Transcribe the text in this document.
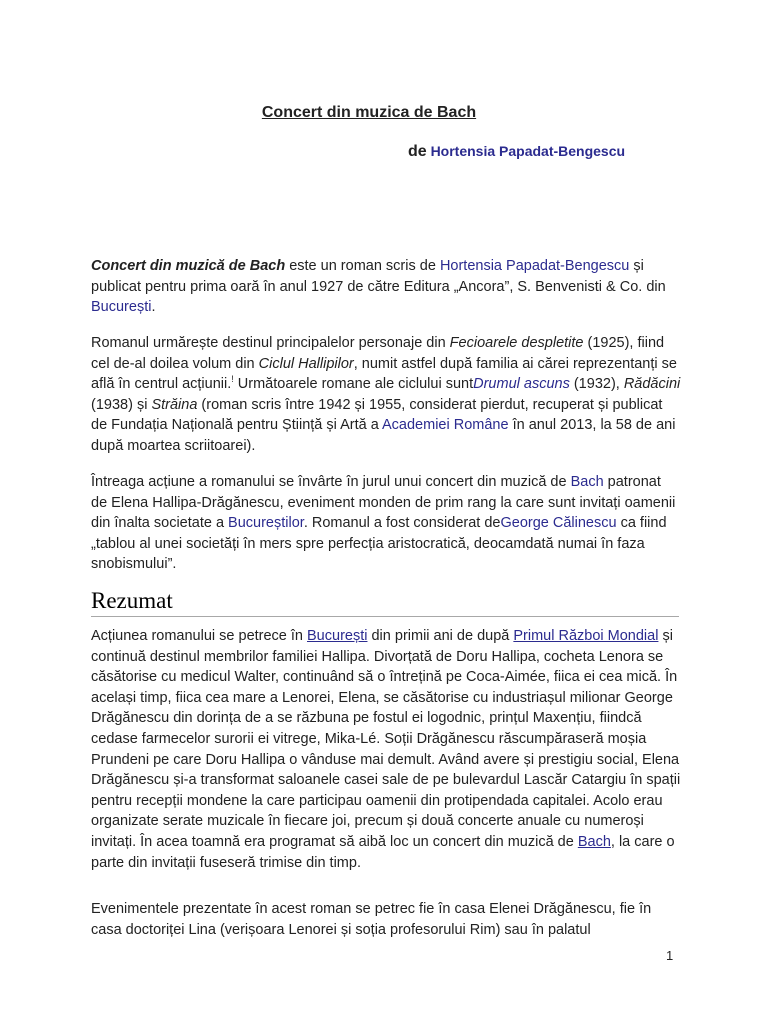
Concert din muzica de Bach
de Hortensia Papadat-Bengescu

Concert din muzică de Bach este un roman scris de Hortensia Papadat-Bengescu și publicat pentru prima oară în anul 1927 de către Editura „Ancora”, S. Benvenisti & Co. din București.

Romanul urmărește destinul principalelor personaje din Fecioarele despletite (1925), fiind cel de-al doilea volum din Ciclul Hallipilor, numit astfel după familia ai cărei reprezentanți se află în centrul acțiunii.! Următoarele romane ale ciclului suntDrumul ascuns (1932), Rădăcini (1938) și Străina (roman scris între 1942 și 1955, considerat pierdut, recuperat și publicat de Fundația Națională pentru Știință și Artă a Academiei Române în anul 2013, la 58 de ani după moartea scriitoarei).

Întreaga acțiune a romanului se învârte în jurul unui concert din muzică de Bach patronat de Elena Hallipa-Drăgănescu, eveniment monden de prim rang la care sunt invitați oamenii din înalta societate a Bucureștilor. Romanul a fost considerat deGeorge Călinescu ca fiind „tablou al unei societăți în mers spre perfecția aristocratică, deocamdată numai în faza snobismului”.

Rezumat

Acțiunea romanului se petrece în București din primii ani de după Primul Război Mondial și continuă destinul membrilor familiei Hallipa. Divorțată de Doru Hallipa, cocheta Lenora se căsătorise cu medicul Walter, continuând să o întrețină pe Coca-Aimée, fiica ei cea mică. În același timp, fiica cea mare a Lenorei, Elena, se căsătorise cu industriașul milionar George Drăgănescu din dorința de a se răzbuna pe fostul ei logodnic, prințul Maxențiu, fiindcă cedase farmecelor surorii ei vitrege, Mika-Lé. Soții Drăgănescu răscumpăraseră moșia Prundeni pe care Doru Hallipa o vânduse mai demult. Având avere și prestigiu social, Elena Drăgănescu și-a transformat saloanele casei sale de pe bulevardul Lascăr Catargiu în spații pentru recepții mondene la care participau oamenii din protipendada capitalei. Acolo erau organizate serate muzicale în fiecare joi, precum și două concerte anuale cu numeroși invitați. În acea toamnă era programat să aibă loc un concert din muzică de Bach, la care o parte din invitații fuseseră trimise din timp.

Evenimentele prezentate în acest roman se petrec fie în casa Elenei Drăgănescu, fie în casa doctoriței Lina (verișoara Lenorei și soția profesorului Rim) sau în palatul

1
